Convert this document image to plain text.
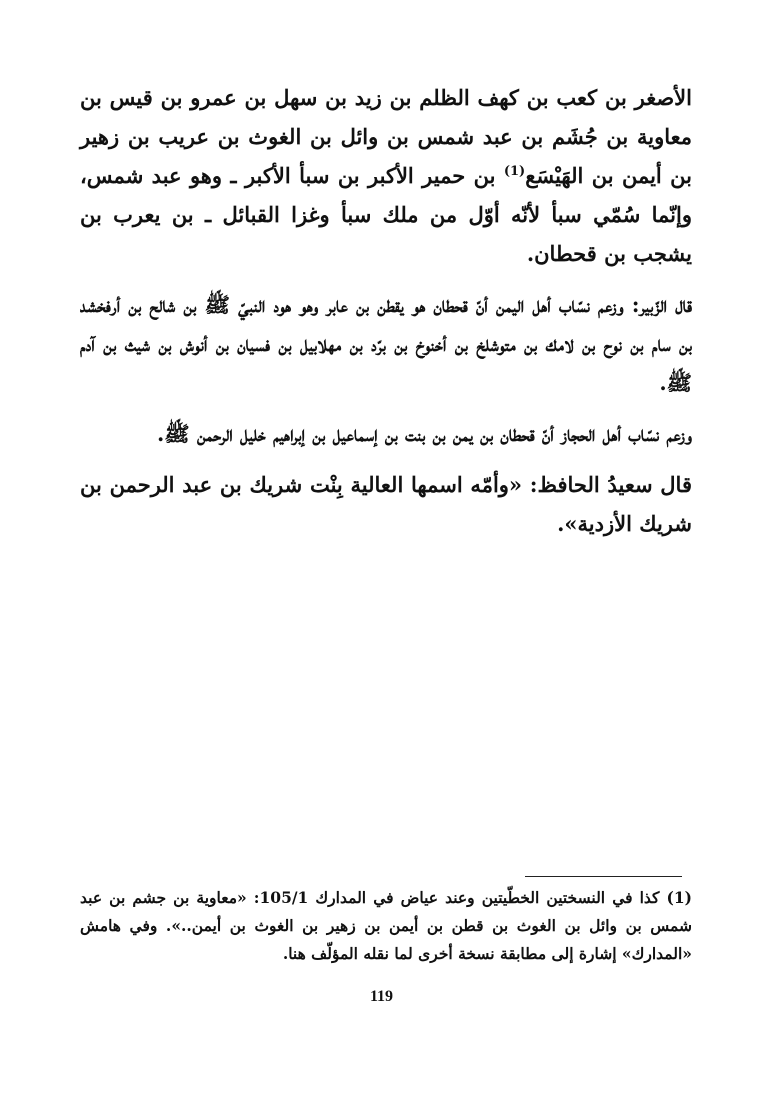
الأصغر بن كعب بن كهف الظلم بن زيد بن سهل بن عمرو بن قيس بن معاوية بن جُشَم بن عبد شمس بن وائل بن الغوث بن عريب بن زهير بن أيمن بن الهَيْسَع$^{(1)}$ بن حمير الأكبر بن سبأ الأكبر ـ وهو عبد شمس، وإنّما سُمّي سبأ لأنّه أوّل من ملك سبأ وغزا القبائل ـ بن يعرب بن يشجب بن قحطان.

قال الزّبير: وزعم نسّاب أهل اليمن أنّ قحطان هو يقطن بن عابر وهو هود النبيّ ﷺ بن شالح بن أرفخشد بن سام بن نوح بن لامك بن متوشلخ بن أخنوخ بن برّد بن مهلابيل بن فسيان بن أنوش بن شيث بن آدم ﷺ.

وزعم نسّاب أهل الحجاز أنّ قحطان بن يمن بن بنت بن إسماعيل بن إبراهيم خليل الرحمن ﷺ.

قال سعيدُ الحافظ: «وأمّه اسمها العالية بِنْت شريك بن عبد الرحمن بن شريك الأزدية».

(1) كذا في النسختين الخطّيتين وعند عياض في المدارك 105/1: «معاوية بن جشم بن عبد شمس بن وائل بن الغوث بن قطن بن أيمن بن زهير بن الغوث بن أيمن..». وفي هامش «المدارك» إشارة إلى مطابقة نسخة أخرى لما نقله المؤلّف هنا.

119
